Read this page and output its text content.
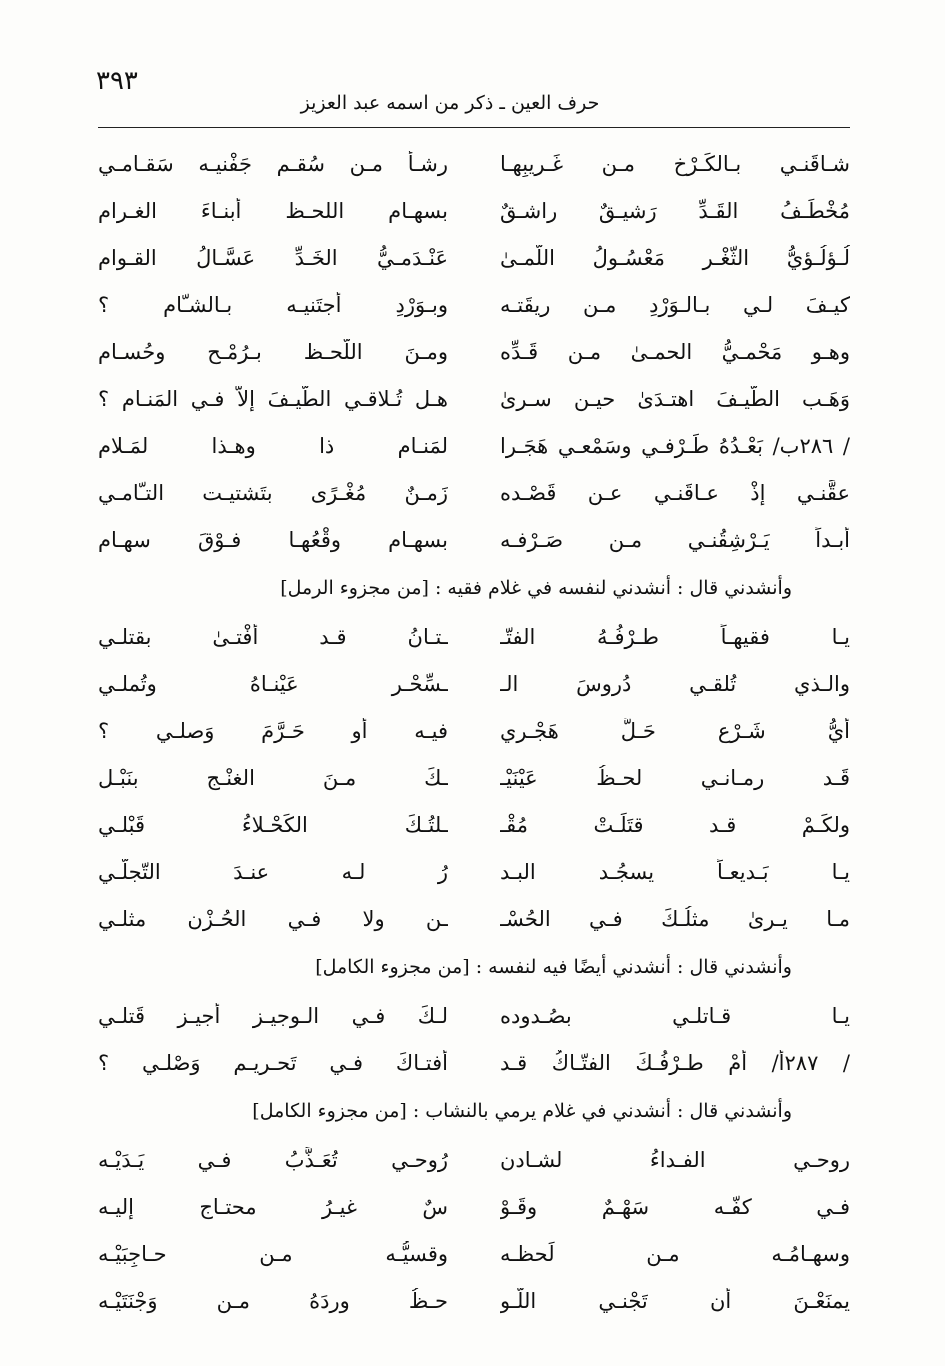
٣٩٣
حرف العين ـ ذكر من اسمه عبد العزيز
شـاقَنـي بـالكَـرْخ مـن غَـريبِهـا
رشـأ مـن سُقـم جَفْنيـه سَقـامـي
مُخْطَـفُ القَـدِّ رَشيـقٌ راشـقٌ
بسهـام اللحـظ أبنـاءَ الغـرام
لُـؤلُـؤيُّ الثّغْـر مَعْسُـولُ اللّمـىٰ
عَنْـدَمـيُّ الخَـدِّ عَسَّـالُ القـوام
كيـفَ لـي بـالـوَرْدِ مـن ريقَتـه
وبـوَرْدِ أجتَنيـه بـالشـّام ؟
وهـو مَحْمـيُّ الحمـىٰ مـن قَـدِّه
ومـنَ اللّحـظ بـرُمْـح وحُسـام
وَهَـب الطّيـفَ اهتـدَىٰ حيـن سـرىٰ
هـل تُـلاقـي الطّيـفَ إلاَّ فـي المَنـام ؟
/ ٢٨٦ب/ بَعْـدُهُ طَـرْفـي وسَمْعـي هَجَـرا
لمَنـام ذا وهـذا لمَـلام
عقَّنـي إذْ عـاقَنـي عـن قَصْـده
زَمـنٌ مُغْـرًى بتَشتيـت التـّامـي
أبـداً يَـرْشِقُنـي مـن صَـرْفـه
بسهـامٍ وقْعُهـا فـوْقَ سهـام
وأنشدني قال : أنشدني لنفسه في غلام فقيه : [من مجزوء الرمل]
يـا فقيهـاً طـرْفُـهُ الفتّـ
ـتـانُ قـد أفْتـىٰ بقتلـي
والـذي تُلقـي دُروسَ الـ
ـسِّحْـر عَيْنـاهُ وتُملـي
أيُّ شَـرْعٍ حَـلَّ هَجْـري
فيـه أو حَـرَّمَ وَصلـي ؟
قَـد رمـانـي لحـظُ عَيْنَيْـ
ـكَ مـنَ الغنْـج بنَبْـل
ولكَـمْ قـد قتَلَـتْ مُقْـ
ـلتُـكَ الكَحْـلاءُ قَبْلـي
يـا بَـديعـاً يسجُـد البـد
رُ لـه عنـدَ التّجلّـي
مـا يـرىٰ مثلُـكَ فـي الحُسْـ
ـنِ ولا فـي الحُـزْن مثلـي
وأنشدني قال : أنشدني أيضًا فيه لنفسه : [من مجزوء الكامل]
يـا قـاتلـي بصُـدوده
لـكَ فـي الـوجيـز أجيـز قَتلـي
/ ٢٨٧أ/ أمْ طـرْفُـكَ الفتّـاكُ قـد
أفتـاكَ فـي تَحـريـمِ وَصْلـي ؟
وأنشدني قال : أنشدني في غلام يرمي بالنشاب : [من مجزوء الكامل]
روحـي الفـداءُ لشـادن
رُوحـي تُعَـذَّبُ فـي يَـدَيْـه
فـي كفّـه سَهْـمٌ وقَـوْ
سٌ غيـرُ محتـاجٍ إليـه
وسهـامُـه مـن لَحظـه
وقسيُّـه مـن حـاجِبَيْـه
يمنَعْـنَ أن تَجْنـي اللَّـو
حـظُ وردَهُ مـن وَجْنَتَيْـه
